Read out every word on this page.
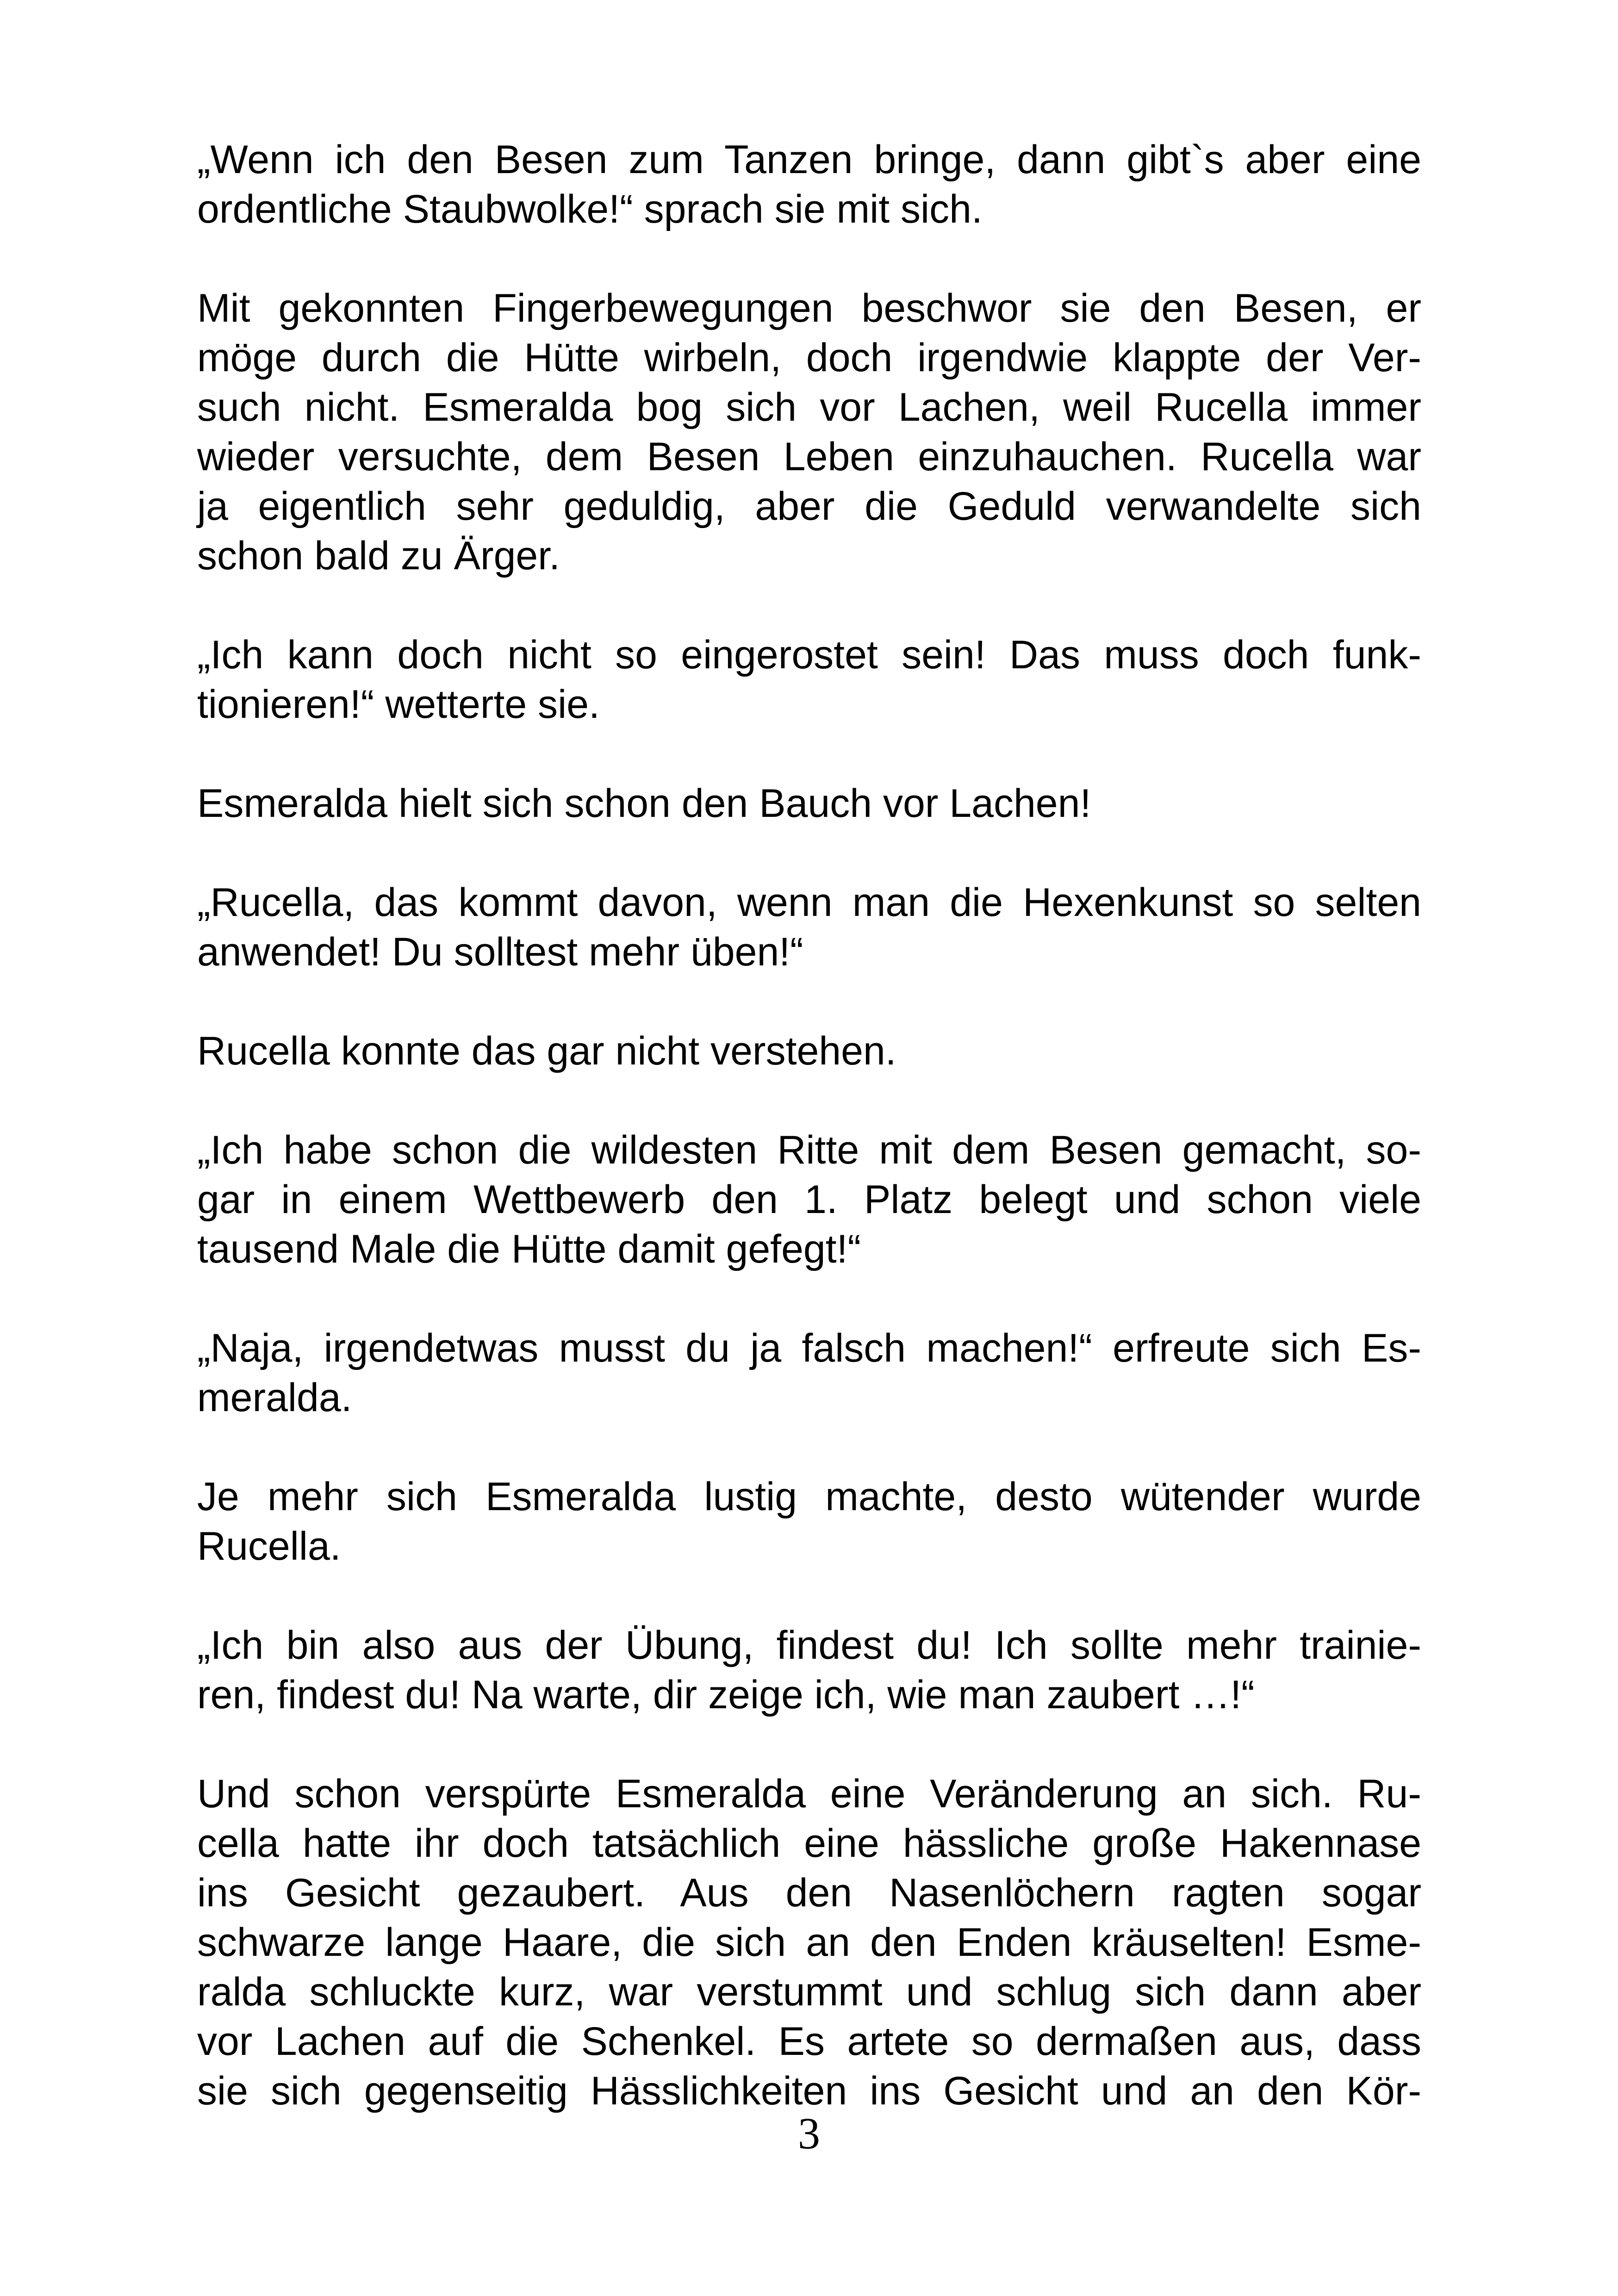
„Wenn ich den Besen zum Tanzen bringe, dann gibt`s aber eine
ordentliche Staubwolke!“ sprach sie mit sich.

Mit gekonnten Fingerbewegungen beschwor sie den Besen, er
möge durch die Hütte wirbeln, doch irgendwie klappte der Ver-
such nicht. Esmeralda bog sich vor Lachen, weil Rucella immer
wieder versuchte, dem Besen Leben einzuhauchen. Rucella war
ja eigentlich sehr geduldig, aber die Geduld verwandelte sich
schon bald zu Ärger.

„Ich kann doch nicht so eingerostet sein! Das muss doch funk-
tionieren!“ wetterte sie.

Esmeralda hielt sich schon den Bauch vor Lachen!

„Rucella, das kommt davon, wenn man die Hexenkunst so selten
anwendet! Du solltest mehr üben!“

Rucella konnte das gar nicht verstehen.

„Ich habe schon die wildesten Ritte mit dem Besen gemacht, so-
gar in einem Wettbewerb den 1. Platz belegt und schon viele
tausend Male die Hütte damit gefegt!“

„Naja, irgendetwas musst du ja falsch machen!“ erfreute sich Es-
meralda.

Je mehr sich Esmeralda lustig machte, desto wütender wurde
Rucella.

„Ich bin also aus der Übung, findest du! Ich sollte mehr trainie-
ren, findest du! Na warte, dir zeige ich, wie man zaubert …!“

Und schon verspürte Esmeralda eine Veränderung an sich. Ru-
cella hatte ihr doch tatsächlich eine hässliche große Hakennase
ins Gesicht gezaubert. Aus den Nasenlöchern ragten sogar
schwarze lange Haare, die sich an den Enden kräuselten! Esme-
ralda schluckte kurz, war verstummt und schlug sich dann aber
vor Lachen auf die Schenkel. Es artete so dermaßen aus, dass
sie sich gegenseitig Hässlichkeiten ins Gesicht und an den Kör-

3
